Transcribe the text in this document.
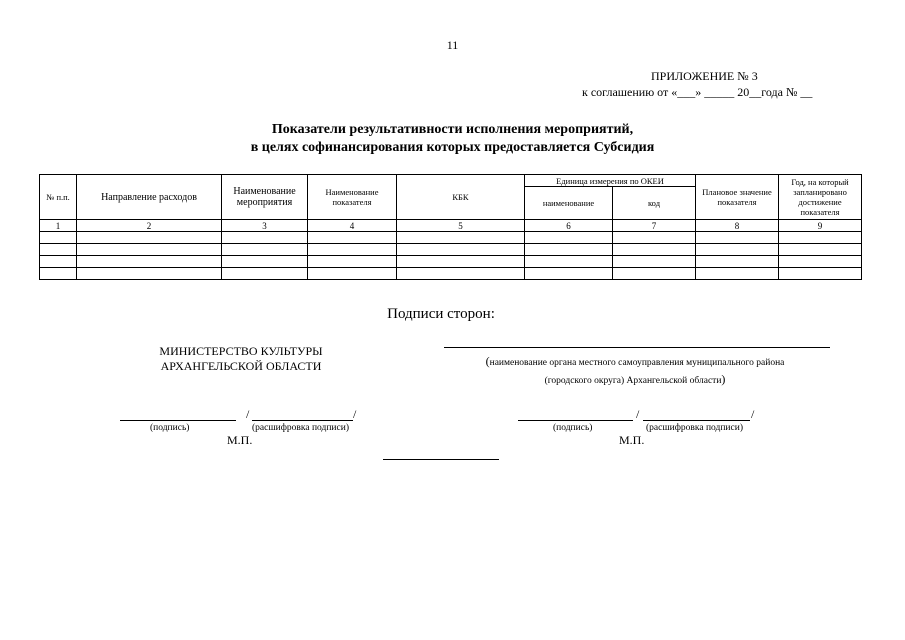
11
ПРИЛОЖЕНИЕ № 3
к соглашению от «___» _____ 20__года № __
Показатели результативности исполнения мероприятий,
в целях софинансирования которых предоставляется Субсидия
№ п.п.	Направление расходов	Наименование мероприятия	Наименование показателя	КБК	Единица измерения по ОКЕИ		Плановое значение показателя	Год, на который запланировано достижение показателя
					наименование	код		
1	2	3	4	5	6	7	8	9

Подписи сторон:
МИНИСТЕРСТВО КУЛЬТУРЫ
АРХАНГЕЛЬСКОЙ ОБЛАСТИ	(наименование органа местного самоуправления муниципального района
(городского округа) Архангельской области)
/	/
(подпись)	(расшифровка подписи)
М.П.
/	/
(подпись)	(расшифровка подписи)
М.П.
